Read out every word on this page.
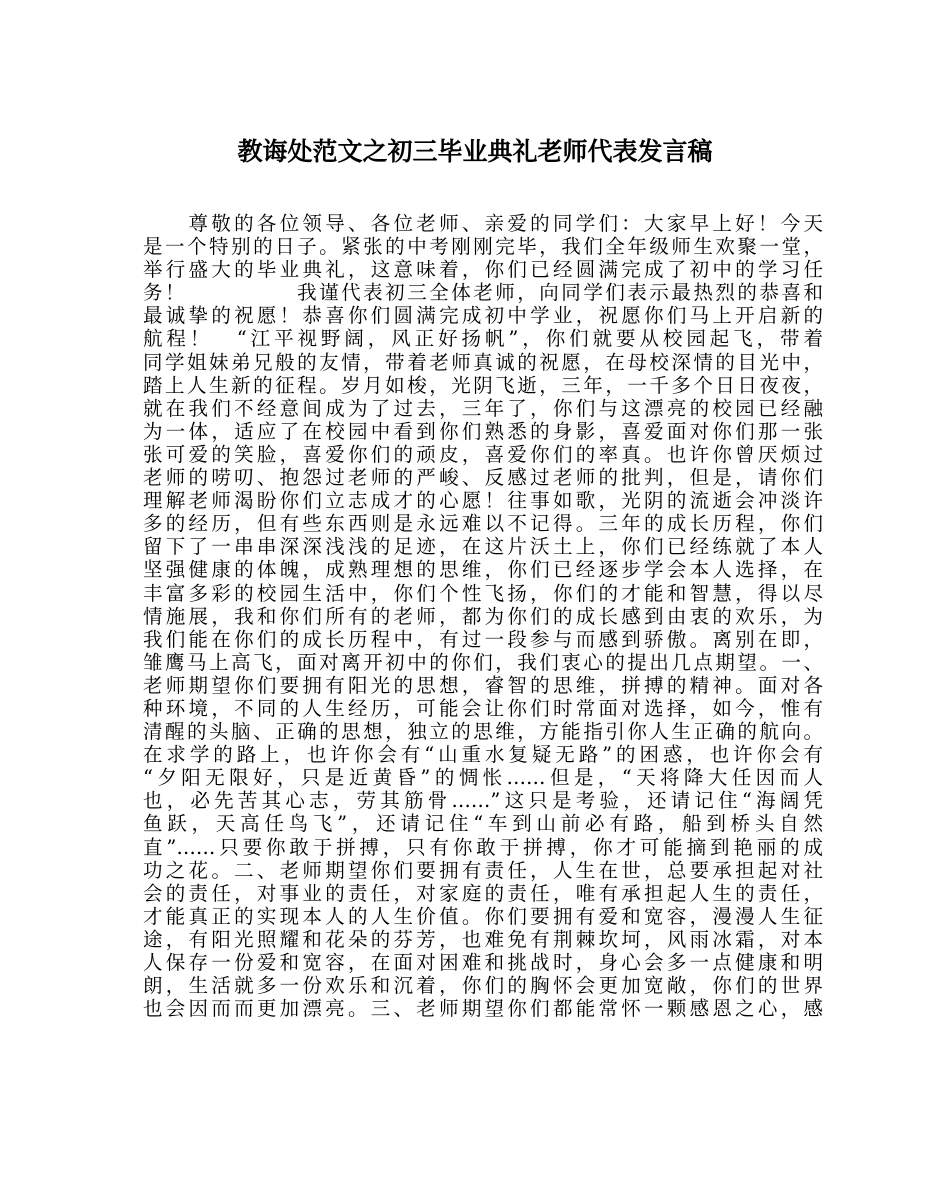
教诲处范文之初三毕业典礼老师代表发言稿
　　尊敬的各位领导、各位老师、亲爱的同学们：大家早上好！今天
是一个特别的日子。紧张的中考刚刚完毕，我们全年级师生欢聚一堂，
举行盛大的毕业典礼，这意味着，你们已经圆满完成了初中的学习任
务！　　　　　我谨代表初三全体老师，向同学们表示最热烈的恭喜和
最诚挚的祝愿！恭喜你们圆满完成初中学业，祝愿你们马上开启新的
航程！　“江平视野阔，风正好扬帆”，你们就要从校园起飞，带着
同学姐妹弟兄般的友情，带着老师真诚的祝愿，在母校深情的目光中，
踏上人生新的征程。岁月如梭，光阴飞逝，三年，一千多个日日夜夜，
就在我们不经意间成为了过去，三年了，你们与这漂亮的校园已经融
为一体，适应了在校园中看到你们熟悉的身影，喜爱面对你们那一张
张可爱的笑脸，喜爱你们的顽皮，喜爱你们的率真。也许你曾厌烦过
老师的唠叨、抱怨过老师的严峻、反感过老师的批判，但是，请你们
理解老师渴盼你们立志成才的心愿！往事如歌，光阴的流逝会冲淡许
多的经历，但有些东西则是永远难以不记得。三年的成长历程，你们
留下了一串串深深浅浅的足迹，在这片沃土上，你们已经练就了本人
坚强健康的体魄，成熟理想的思维，你们已经逐步学会本人选择，在
丰富多彩的校园生活中，你们个性飞扬，你们的才能和智慧，得以尽
情施展，我和你们所有的老师，都为你们的成长感到由衷的欢乐，为
我们能在你们的成长历程中，有过一段参与而感到骄傲。离别在即，
雏鹰马上高飞，面对离开初中的你们，我们衷心的提出几点期望。一、
老师期望你们要拥有阳光的思想，睿智的思维，拼搏的精神。面对各
种环境，不同的人生经历，可能会让你们时常面对选择，如今，惟有
清醒的头脑、正确的思想，独立的思维，方能指引你人生正确的航向。
在求学的路上，也许你会有“山重水复疑无路”的困惑，也许你会有
“夕阳无限好，只是近黄昏”的惆怅……但是，“天将降大任因而人
也，必先苦其心志，劳其筋骨……”这只是考验，还请记住“海阔凭
鱼跃，天高任鸟飞”，还请记住“车到山前必有路，船到桥头自然
直”……只要你敢于拼搏，只有你敢于拼搏，你才可能摘到艳丽的成
功之花。二、老师期望你们要拥有责任，人生在世，总要承担起对社
会的责任，对事业的责任，对家庭的责任，唯有承担起人生的责任，
才能真正的实现本人的人生价值。你们要拥有爱和宽容，漫漫人生征
途，有阳光照耀和花朵的芬芳，也难免有荆棘坎坷，风雨冰霜，对本
人保存一份爱和宽容，在面对困难和挑战时，身心会多一点健康和明
朗，生活就多一份欢乐和沉着，你们的胸怀会更加宽敞，你们的世界
也会因而而更加漂亮。三、老师期望你们都能常怀一颗感恩之心，感
